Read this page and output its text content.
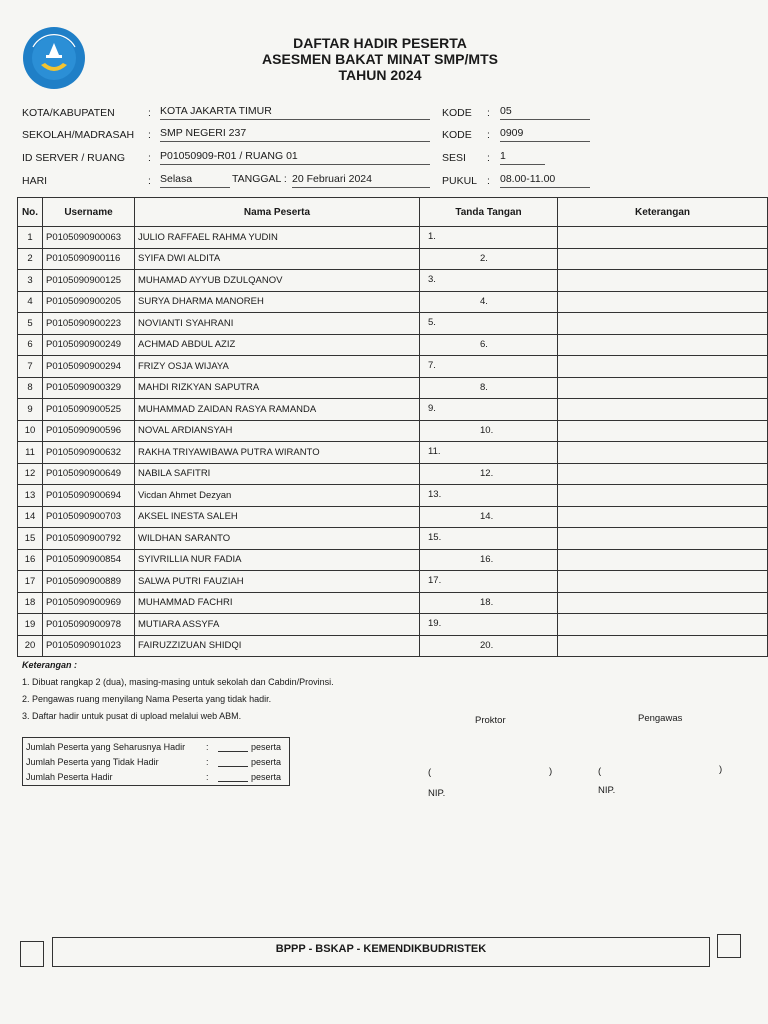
DAFTAR HADIR PESERTA
ASESMEN BAKAT MINAT SMP/MTS
TAHUN 2024
KOTA/KABUPATEN	: KOTA JAKARTA TIMUR	KODE : 05
SEKOLAH/MADRASAH : SMP NEGERI 237	KODE : 0909
ID SERVER / RUANG : P01050909-R01 / RUANG 01	SESI : 1
HARI	: Selasa	TANGGAL : 20 Februari 2024	PUKUL : 08.00-11.00
No.	Username	Nama Peserta	Tanda Tangan	Keterangan
1	P0105090900063	JULIO RAFFAEL RAHMA YUDIN	1.	

2	P0105090900116	SYIFA DWI ALDITA	2.	

3	P0105090900125	MUHAMAD AYYUB DZULQANOV	3.	

4	P0105090900205	SURYA DHARMA MANOREH	4.	

5	P0105090900223	NOVIANTI SYAHRANI	5.	

6	P0105090900249	ACHMAD ABDUL AZIZ	6.	

7	P0105090900294	FRIZY OSJA WIJAYA	7.	

8	P0105090900329	MAHDI RIZKYAN SAPUTRA	8.	

9	P0105090900525	MUHAMMAD ZAIDAN RASYA RAMANDA	9.	

10	P0105090900596	NOVAL ARDIANSYAH	10.	

11	P0105090900632	RAKHA TRIYAWIBAWA PUTRA WIRANTO	11.	

12	P0105090900649	NABILA SAFITRI	12.	

13	P0105090900694	Vicdan Ahmet Dezyan	13.	

14	P0105090900703	AKSEL INESTA SALEH	14.	

15	P0105090900792	WILDHAN SARANTO	15.	

16	P0105090900854	SYIVRILLIA NUR FADIA	16.	

17	P0105090900889	SALWA PUTRI FAUZIAH	17.	

18	P0105090900969	MUHAMMAD FACHRI	18.	

19	P0105090900978	MUTIARA ASSYFA	19.	

20	P0105090901023	FAIRUZZIZUAN SHIDQI	20.	

Keterangan :
1. Dibuat rangkap 2 (dua), masing-masing untuk sekolah dan Cabdin/Provinsi.
2. Pengawas ruang menyilang Nama Peserta yang tidak hadir.
3. Daftar hadir untuk pusat di upload melalui web ABM.
Jumlah Peserta yang Seharusnya Hadir	:	peserta
Jumlah Peserta yang Tidak Hadir	:	peserta
Jumlah Peserta Hadir	:	peserta
Proktor	Pengawas
(	)	(	)
NIP.	NIP.
BPPP - BSKAP - KEMENDIKBUDRISTEK
